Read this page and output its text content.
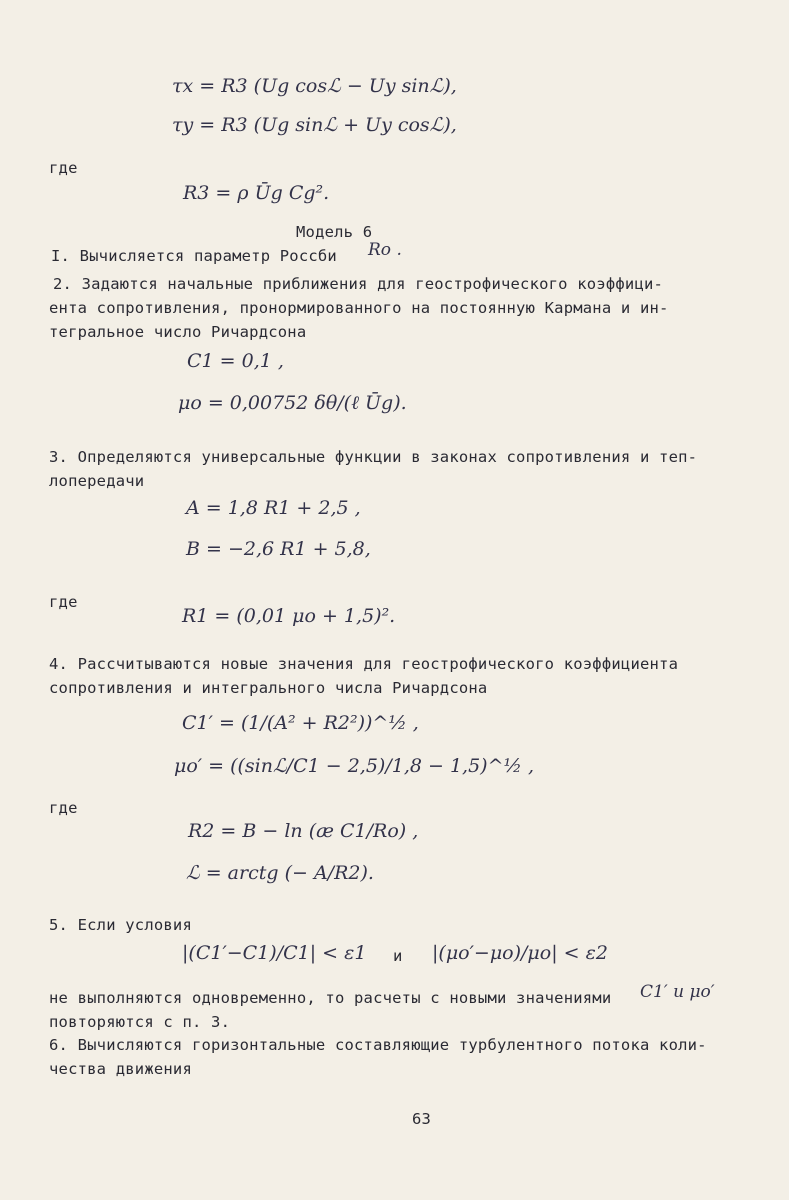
τx = R3 (Ug cosℒ − Uy sinℒ),
τy = R3 (Ug sinℒ + Uy cosℒ),
где
R3 = ρ Ūg Cg².
Модель 6
I. Вычисляется параметр Россби Ro .
2. Задаются начальные приближения для геострофического коэффици-
ента сопротивления, пронормированного на постоянную Кармана и ин-
тегральное число Ричардсона
C1 = 0,1 ,
μo = 0,00752 δθ/(ℓ Ūg).
3. Определяются универсальные функции в законах сопротивления и теп-
лопередачи
A = 1,8 R1 + 2,5 ,
B = −2,6 R1 + 5,8,
где
R1 = (0,01 μo + 1,5)².
4. Рассчитываются новые значения для геострофического коэффициента
сопротивления и интегрального числа Ричардсона
C1′ = (1/(A² + R2²))^½ ,
μo′ = ((sinℒ/C1 − 2,5)/1,8 − 1,5)^½ ,
где
R2 = B − ln (æ C1/Ro) ,
ℒ = arctg (− A/R2).
5. Если условия
|(C1′−C1)/C1| < ε1 и |(μo′−μo)/μo| < ε2
не выполняются одновременно, то расчеты с новыми значениями C1′ и μo′
повторяются с п. 3.
6. Вычисляются горизонтальные составляющие турбулентного потока коли-
чества движения
63
